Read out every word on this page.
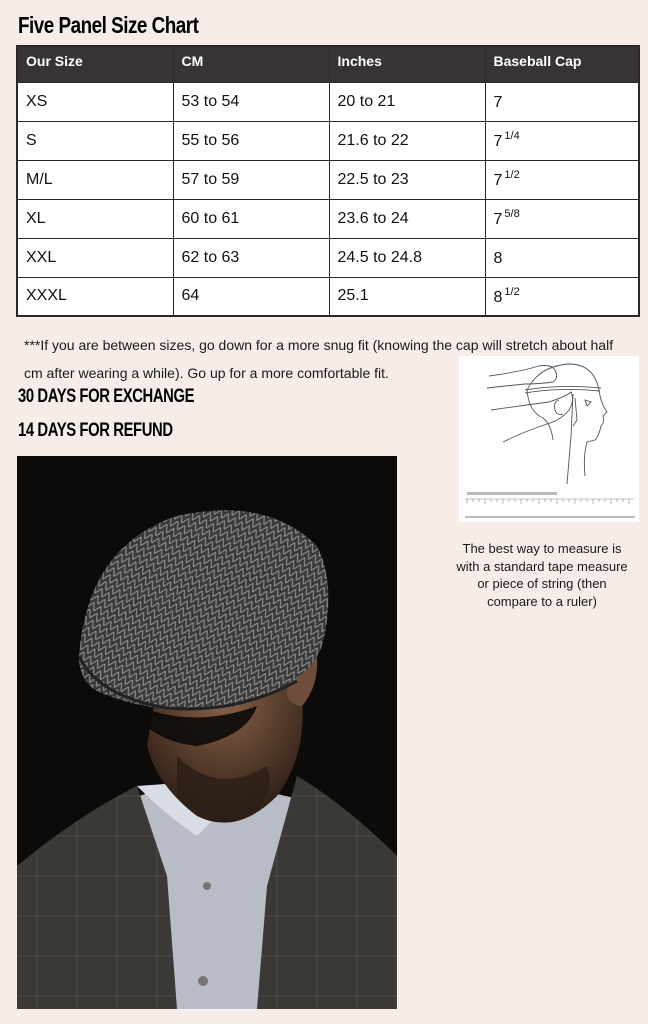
Five Panel Size Chart
Our Size	CM	Inches	Baseball Cap
XS	53 to 54	20 to 21	7
S	55 to 56	21.6 to 22	7 $^{1/4}$
M/L	57 to 59	22.5 to 23	7 $^{1/2}$
XL	60 to 61	23.6 to 24	7 $^{5/8}$
XXL	62 to 63	24.5 to 24.8	8
XXXL	64	25.1	8 $^{1/2}$

***If you are between sizes, go down for a more snug fit (knowing the cap will stretch about half cm after wearing a while). Go up for a more comfortable fit.

30 DAYS FOR EXCHANGE
14 DAYS FOR REFUND
The best way to measure is with a standard tape measure or piece of string (then compare to a ruler)
